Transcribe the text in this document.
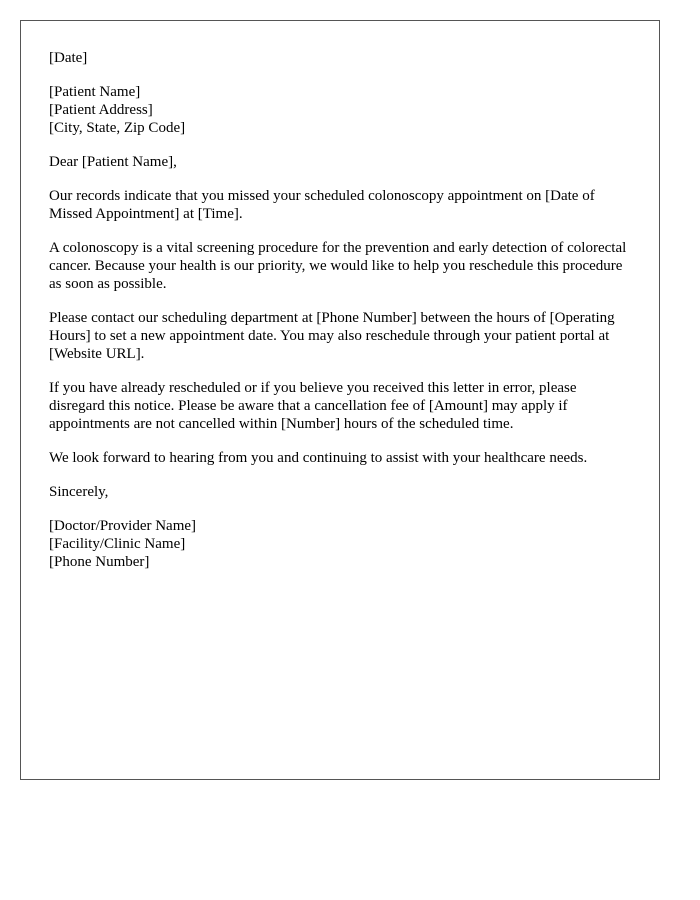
[Date]

[Patient Name]
[Patient Address]
[City, State, Zip Code]

Dear [Patient Name],

Our records indicate that you missed your scheduled colonoscopy appointment on [Date of Missed Appointment] at [Time].

A colonoscopy is a vital screening procedure for the prevention and early detection of colorectal cancer. Because your health is our priority, we would like to help you reschedule this procedure as soon as possible.

Please contact our scheduling department at [Phone Number] between the hours of [Operating Hours] to set a new appointment date. You may also reschedule through your patient portal at [Website URL].

If you have already rescheduled or if you believe you received this letter in error, please disregard this notice. Please be aware that a cancellation fee of [Amount] may apply if appointments are not cancelled within [Number] hours of the scheduled time.

We look forward to hearing from you and continuing to assist with your healthcare needs.

Sincerely,

[Doctor/Provider Name]
[Facility/Clinic Name]
[Phone Number]
